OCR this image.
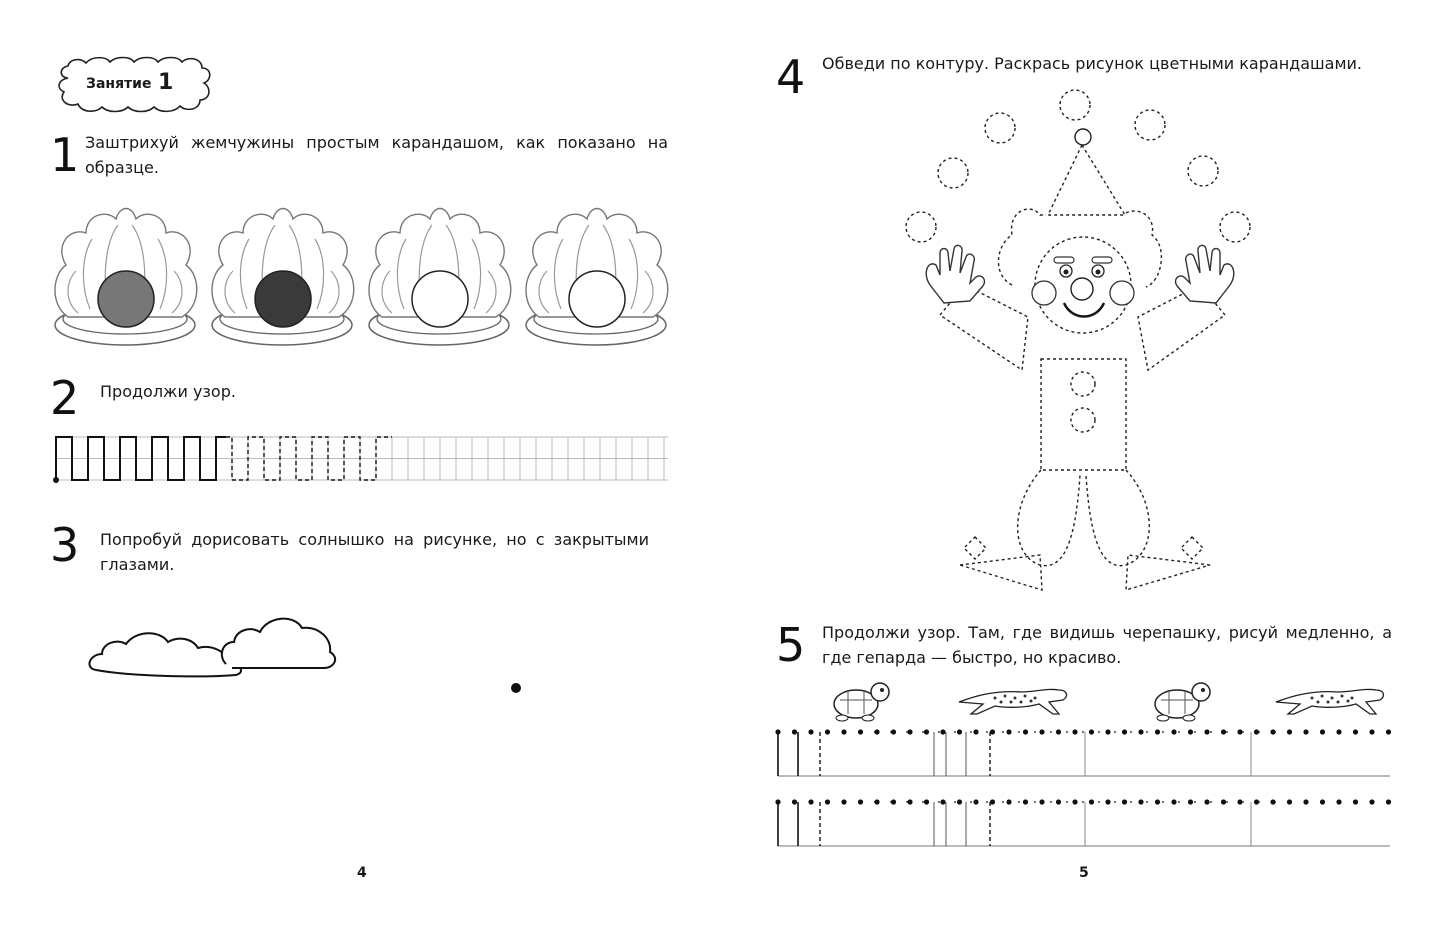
Занятие 1
1 Заштрихуй жемчужины простым карандашом, как показано на образце.
2 Продолжи узор.
3 Попробуй дорисовать солнышко на рисунке, но с закрытыми глазами.
4
4 Обведи по контуру. Раскрась рисунок цветными карандашами.
5 Продолжи узор. Там, где видишь черепашку, рисуй медленно, а где гепарда — быстро, но красиво.
5
